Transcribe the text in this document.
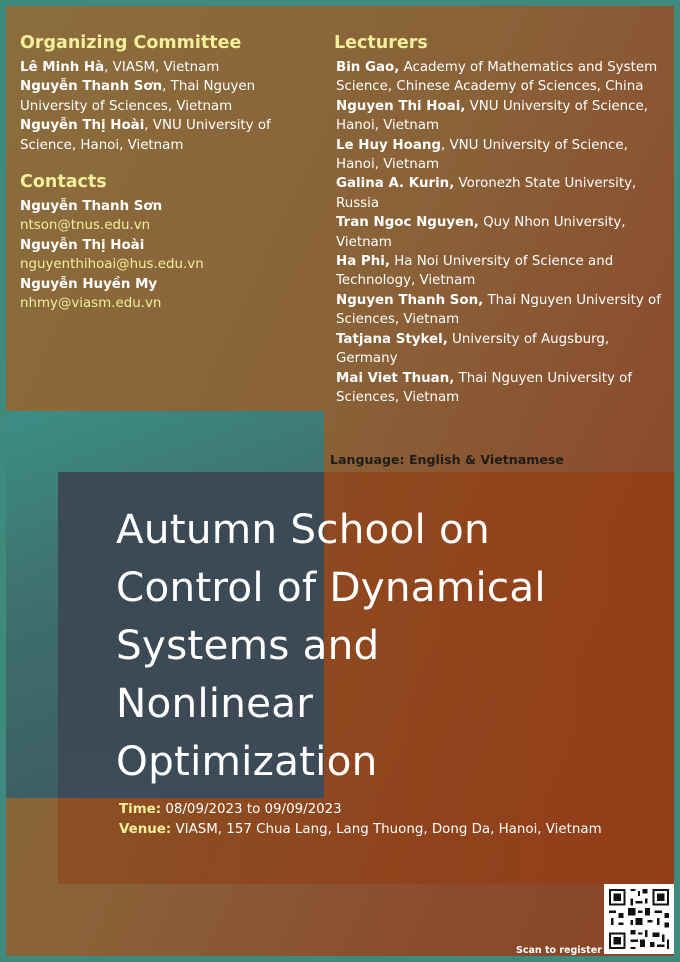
Organizing Committee
Lê Minh Hà, VIASM, Vietnam
Nguyễn Thanh Sơn, Thai Nguyen University of Sciences, Vietnam
Nguyễn Thị Hoài, VNU University of Science, Hanoi, Vietnam
Contacts
Nguyễn Thanh Sơn
ntson@tnus.edu.vn
Nguyễn Thị Hoài
nguyenthihoai@hus.edu.vn
Nguyễn Huyền My
nhmy@viasm.edu.vn
Lecturers
Bin Gao, Academy of Mathematics and System Science, Chinese Academy of Sciences, China
Nguyen Thi Hoai, VNU University of Science, Hanoi, Vietnam
Le Huy Hoang, VNU University of Science, Hanoi, Vietnam
Galina A. Kurin, Voronezh State University, Russia
Tran Ngoc Nguyen, Quy Nhon University, Vietnam
Ha Phi, Ha Noi University of Science and Technology, Vietnam
Nguyen Thanh Son, Thai Nguyen University of Sciences, Vietnam
Tatjana Stykel, University of Augsburg, Germany
Mai Viet Thuan, Thai Nguyen University of Sciences, Vietnam
Language: English & Vietnamese
Autumn School on
Control of Dynamical
Systems and
Nonlinear
Optimization
Time: 08/09/2023 to 09/09/2023
Venue: VIASM, 157 Chua Lang, Lang Thuong, Dong Da, Hanoi, Vietnam
Scan to register
